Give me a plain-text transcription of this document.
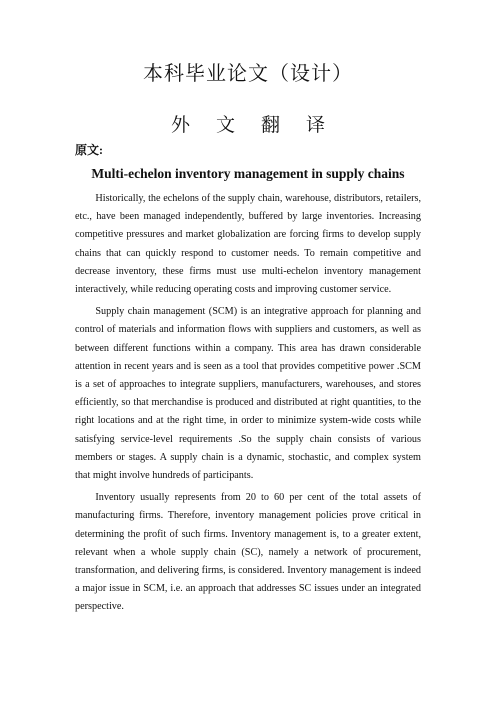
本科毕业论文（设计）
外 文 翻 译
原文:
Multi-echelon inventory management in supply chains

Historically, the echelons of the supply chain, warehouse, distributors, retailers, etc., have been managed independently, buffered by large inventories. Increasing competitive pressures and market globalization are forcing firms to develop supply chains that can quickly respond to customer needs. To remain competitive and decrease inventory, these firms must use multi-echelon inventory management interactively, while reducing operating costs and improving customer service.

Supply chain management (SCM) is an integrative approach for planning and control of materials and information flows with suppliers and customers, as well as between different functions within a company. This area has drawn considerable attention in recent years and is seen as a tool that provides competitive power .SCM is a set of approaches to integrate suppliers, manufacturers, warehouses, and stores efficiently, so that merchandise is produced and distributed at right quantities, to the right locations and at the right time, in order to minimize system-wide costs while satisfying service-level requirements .So the supply chain consists of various members or stages. A supply chain is a dynamic, stochastic, and complex system that might involve hundreds of participants.

Inventory usually represents from 20 to 60 per cent of the total assets of manufacturing firms. Therefore, inventory management policies prove critical in determining the profit of such firms. Inventory management is, to a greater extent, relevant when a whole supply chain (SC), namely a network of procurement, transformation, and delivering firms, is considered. Inventory management is indeed a major issue in SCM, i.e. an approach that addresses SC issues under an integrated perspective.
